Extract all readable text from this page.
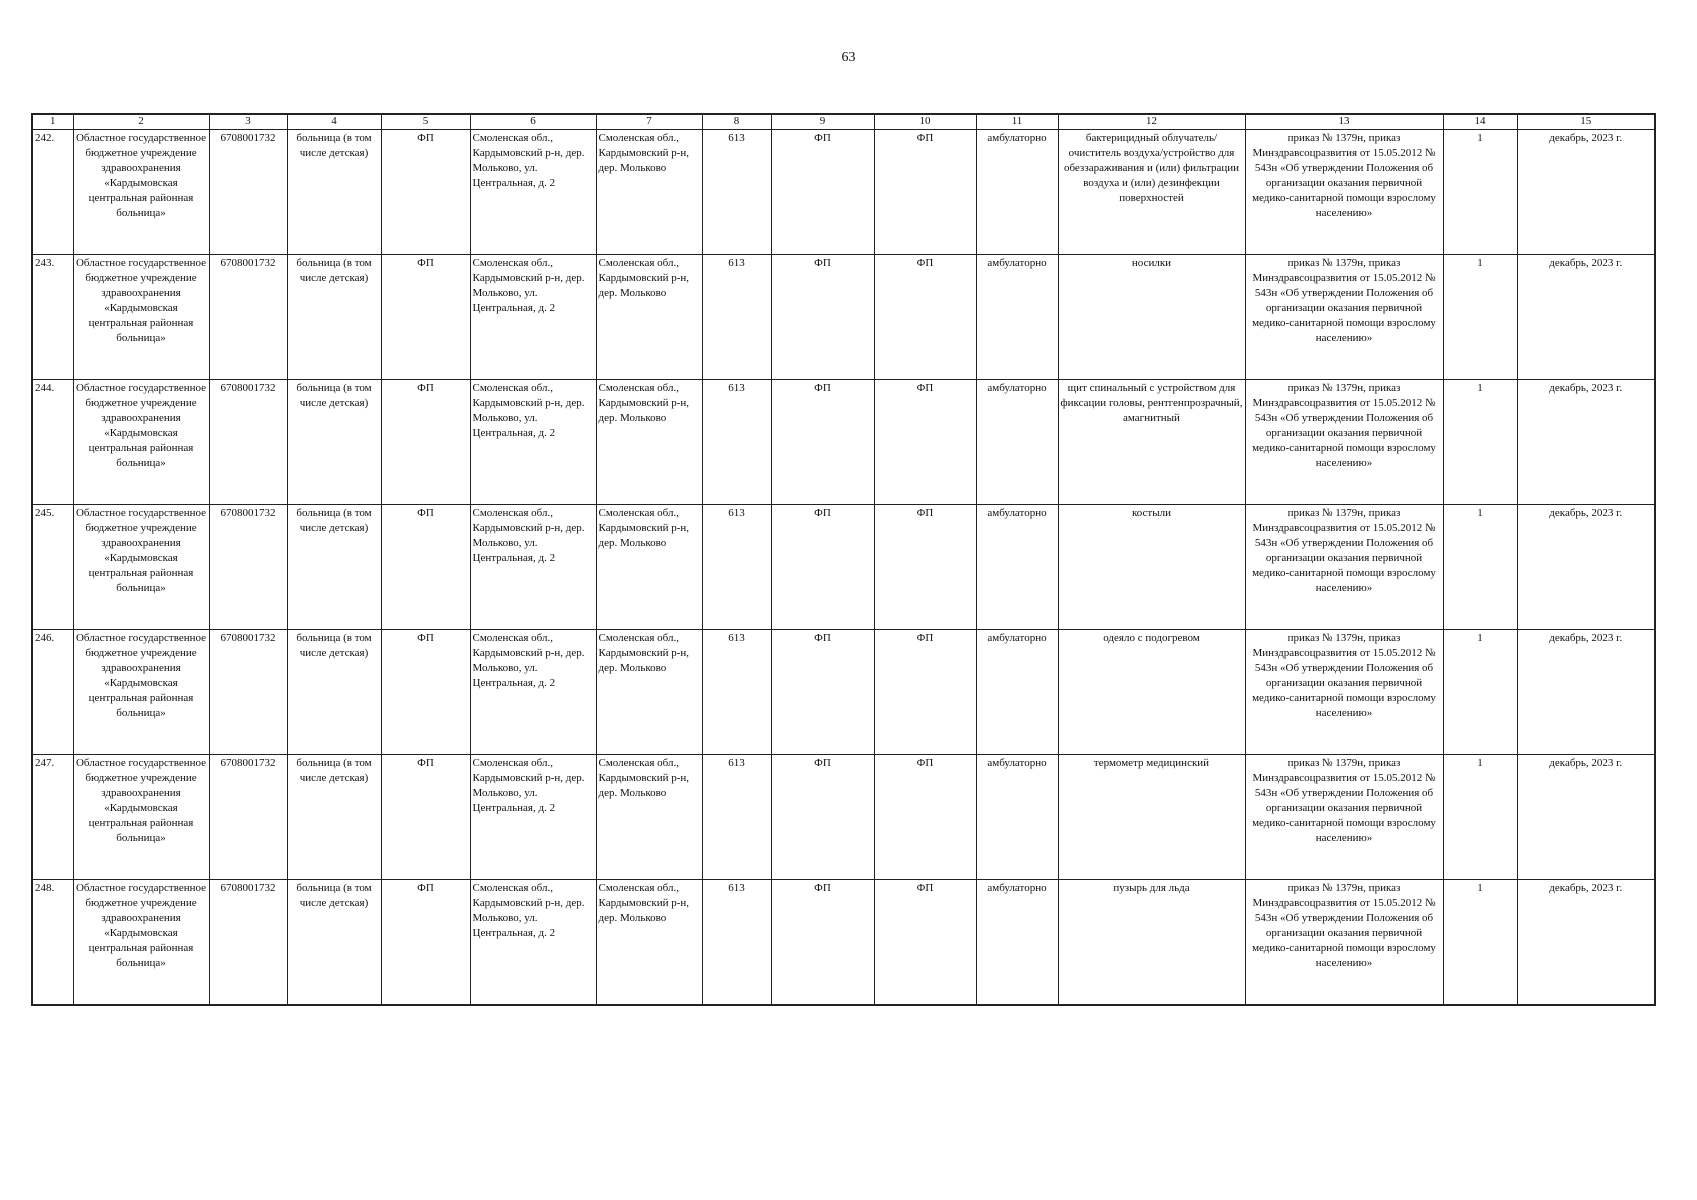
63
1	2	3	4	5	6	7	8	9	10	11	12	13	14	15
242.	Областное государственное бюджетное учреждение здравоохранения «Кардымовская центральная районная больница»	6708001732	больница (в том числе детская)	ФП	Смоленская обл., Кардымовский р-н, дер. Мольково, ул. Центральная, д. 2	Смоленская обл., Кардымовский р-н, дер. Мольково	613	ФП	ФП	амбулаторно	бактерицидный облучатель/очиститель воздуха/устройство для обеззараживания и (или) фильтрации воздуха и (или) дезинфекции поверхностей	приказ № 1379н, приказ Минздравсоцразвития от 15.05.2012 № 543н «Об утверждении Положения об организации оказания первичной медико-санитарной помощи взрослому населению»	1	декабрь, 2023 г.
243.	Областное государственное бюджетное учреждение здравоохранения «Кардымовская центральная районная больница»	6708001732	больница (в том числе детская)	ФП	Смоленская обл., Кардымовский р-н, дер. Мольково, ул. Центральная, д. 2	Смоленская обл., Кардымовский р-н, дер. Мольково	613	ФП	ФП	амбулаторно	носилки	приказ № 1379н, приказ Минздравсоцразвития от 15.05.2012 № 543н «Об утверждении Положения об организации оказания первичной медико-санитарной помощи взрослому населению»	1	декабрь, 2023 г.
244.	Областное государственное бюджетное учреждение здравоохранения «Кардымовская центральная районная больница»	6708001732	больница (в том числе детская)	ФП	Смоленская обл., Кардымовский р-н, дер. Мольково, ул. Центральная, д. 2	Смоленская обл., Кардымовский р-н, дер. Мольково	613	ФП	ФП	амбулаторно	щит спинальный с устройством для фиксации головы, рентгенпрозрачный, амагнитный	приказ № 1379н, приказ Минздравсоцразвития от 15.05.2012 № 543н «Об утверждении Положения об организации оказания первичной медико-санитарной помощи взрослому населению»	1	декабрь, 2023 г.
245.	Областное государственное бюджетное учреждение здравоохранения «Кардымовская центральная районная больница»	6708001732	больница (в том числе детская)	ФП	Смоленская обл., Кардымовский р-н, дер. Мольково, ул. Центральная, д. 2	Смоленская обл., Кардымовский р-н, дер. Мольково	613	ФП	ФП	амбулаторно	костыли	приказ № 1379н, приказ Минздравсоцразвития от 15.05.2012 № 543н «Об утверждении Положения об организации оказания первичной медико-санитарной помощи взрослому населению»	1	декабрь, 2023 г.
246.	Областное государственное бюджетное учреждение здравоохранения «Кардымовская центральная районная больница»	6708001732	больница (в том числе детская)	ФП	Смоленская обл., Кардымовский р-н, дер. Мольково, ул. Центральная, д. 2	Смоленская обл., Кардымовский р-н, дер. Мольково	613	ФП	ФП	амбулаторно	одеяло с подогревом	приказ № 1379н, приказ Минздравсоцразвития от 15.05.2012 № 543н «Об утверждении Положения об организации оказания первичной медико-санитарной помощи взрослому населению»	1	декабрь, 2023 г.
247.	Областное государственное бюджетное учреждение здравоохранения «Кардымовская центральная районная больница»	6708001732	больница (в том числе детская)	ФП	Смоленская обл., Кардымовский р-н, дер. Мольково, ул. Центральная, д. 2	Смоленская обл., Кардымовский р-н, дер. Мольково	613	ФП	ФП	амбулаторно	термометр медицинский	приказ № 1379н, приказ Минздравсоцразвития от 15.05.2012 № 543н «Об утверждении Положения об организации оказания первичной медико-санитарной помощи взрослому населению»	1	декабрь, 2023 г.
248.	Областное государственное бюджетное учреждение здравоохранения «Кардымовская центральная районная больница»	6708001732	больница (в том числе детская)	ФП	Смоленская обл., Кардымовский р-н, дер. Мольково, ул. Центральная, д. 2	Смоленская обл., Кардымовский р-н, дер. Мольково	613	ФП	ФП	амбулаторно	пузырь для льда	приказ № 1379н, приказ Минздравсоцразвития от 15.05.2012 № 543н «Об утверждении Положения об организации оказания первичной медико-санитарной помощи взрослому населению»	1	декабрь, 2023 г.
